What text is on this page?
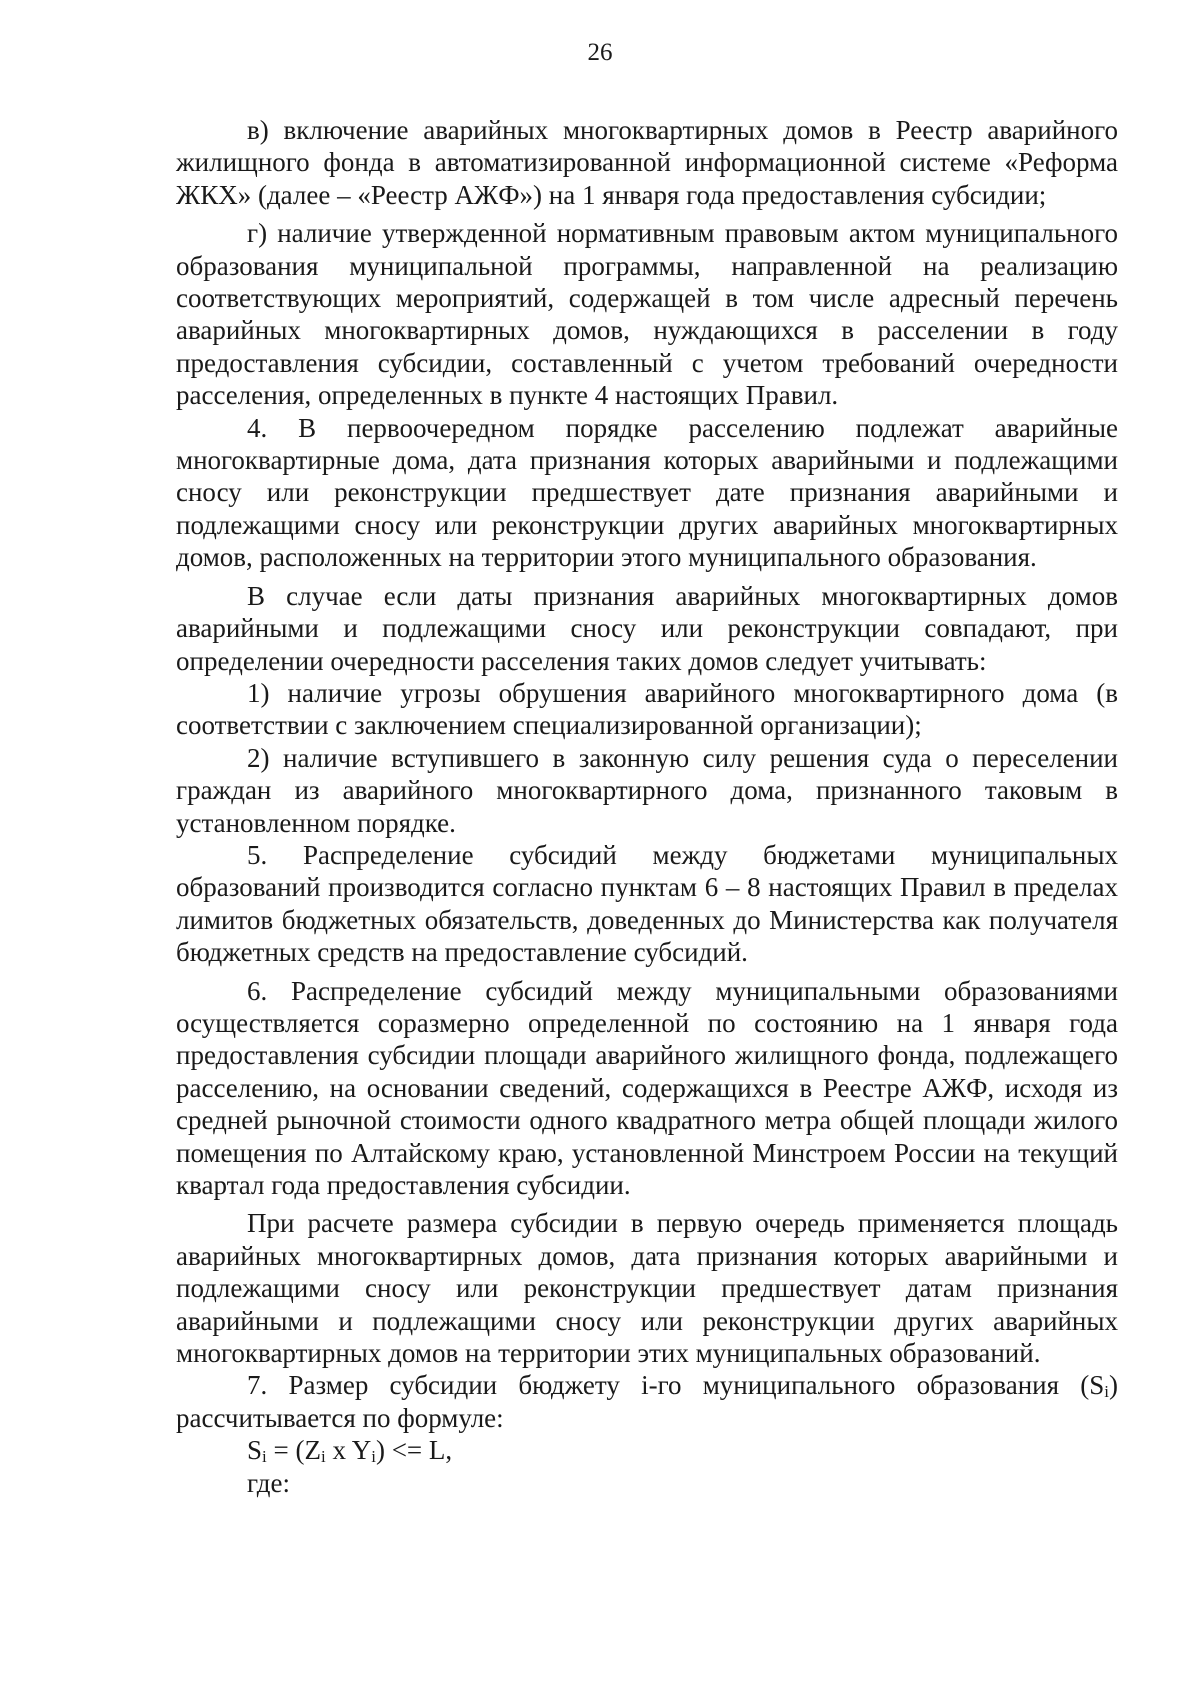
26

в) включение аварийных многоквартирных домов в Реестр аварийного жилищного фонда в автоматизированной информационной системе «Реформа ЖКХ» (далее – «Реестр АЖФ») на 1 января года предоставления субсидии;

г) наличие утвержденной нормативным правовым актом муниципального образования муниципальной программы, направленной на реализацию соответствующих мероприятий, содержащей в том числе адресный перечень аварийных многоквартирных домов, нуждающихся в расселении в году предоставления субсидии, составленный с учетом требований очередности расселения, определенных в пункте 4 настоящих Правил.

4. В первоочередном порядке расселению подлежат аварийные многоквартирные дома, дата признания которых аварийными и подлежащими сносу или реконструкции предшествует дате признания аварийными и подлежащими сносу или реконструкции других аварийных многоквартирных домов, расположенных на территории этого муниципального образования.

В случае если даты признания аварийных многоквартирных домов аварийными и подлежащими сносу или реконструкции совпадают, при определении очередности расселения таких домов следует учитывать:

1) наличие угрозы обрушения аварийного многоквартирного дома (в соответствии с заключением специализированной организации);

2) наличие вступившего в законную силу решения суда о переселении граждан из аварийного многоквартирного дома, признанного таковым в установленном порядке.

5. Распределение субсидий между бюджетами муниципальных образований производится согласно пунктам 6 – 8 настоящих Правил в пределах лимитов бюджетных обязательств, доведенных до Министерства как получателя бюджетных средств на предоставление субсидий.

6. Распределение субсидий между муниципальными образованиями осуществляется соразмерно определенной по состоянию на 1 января года предоставления субсидии площади аварийного жилищного фонда, подлежащего расселению, на основании сведений, содержащихся в Реестре АЖФ, исходя из средней рыночной стоимости одного квадратного метра общей площади жилого помещения по Алтайскому краю, установленной Минстроем России на текущий квартал года предоставления субсидии.

При расчете размера субсидии в первую очередь применяется площадь аварийных многоквартирных домов, дата признания которых аварийными и подлежащими сносу или реконструкции предшествует датам признания аварийными и подлежащими сносу или реконструкции других аварийных многоквартирных домов на территории этих муниципальных образований.

7. Размер субсидии бюджету i-го муниципального образования $(S_i)$ рассчитывается по формуле:

$S_i = (Z_i$ x $Y_i) <= L$,

где:
